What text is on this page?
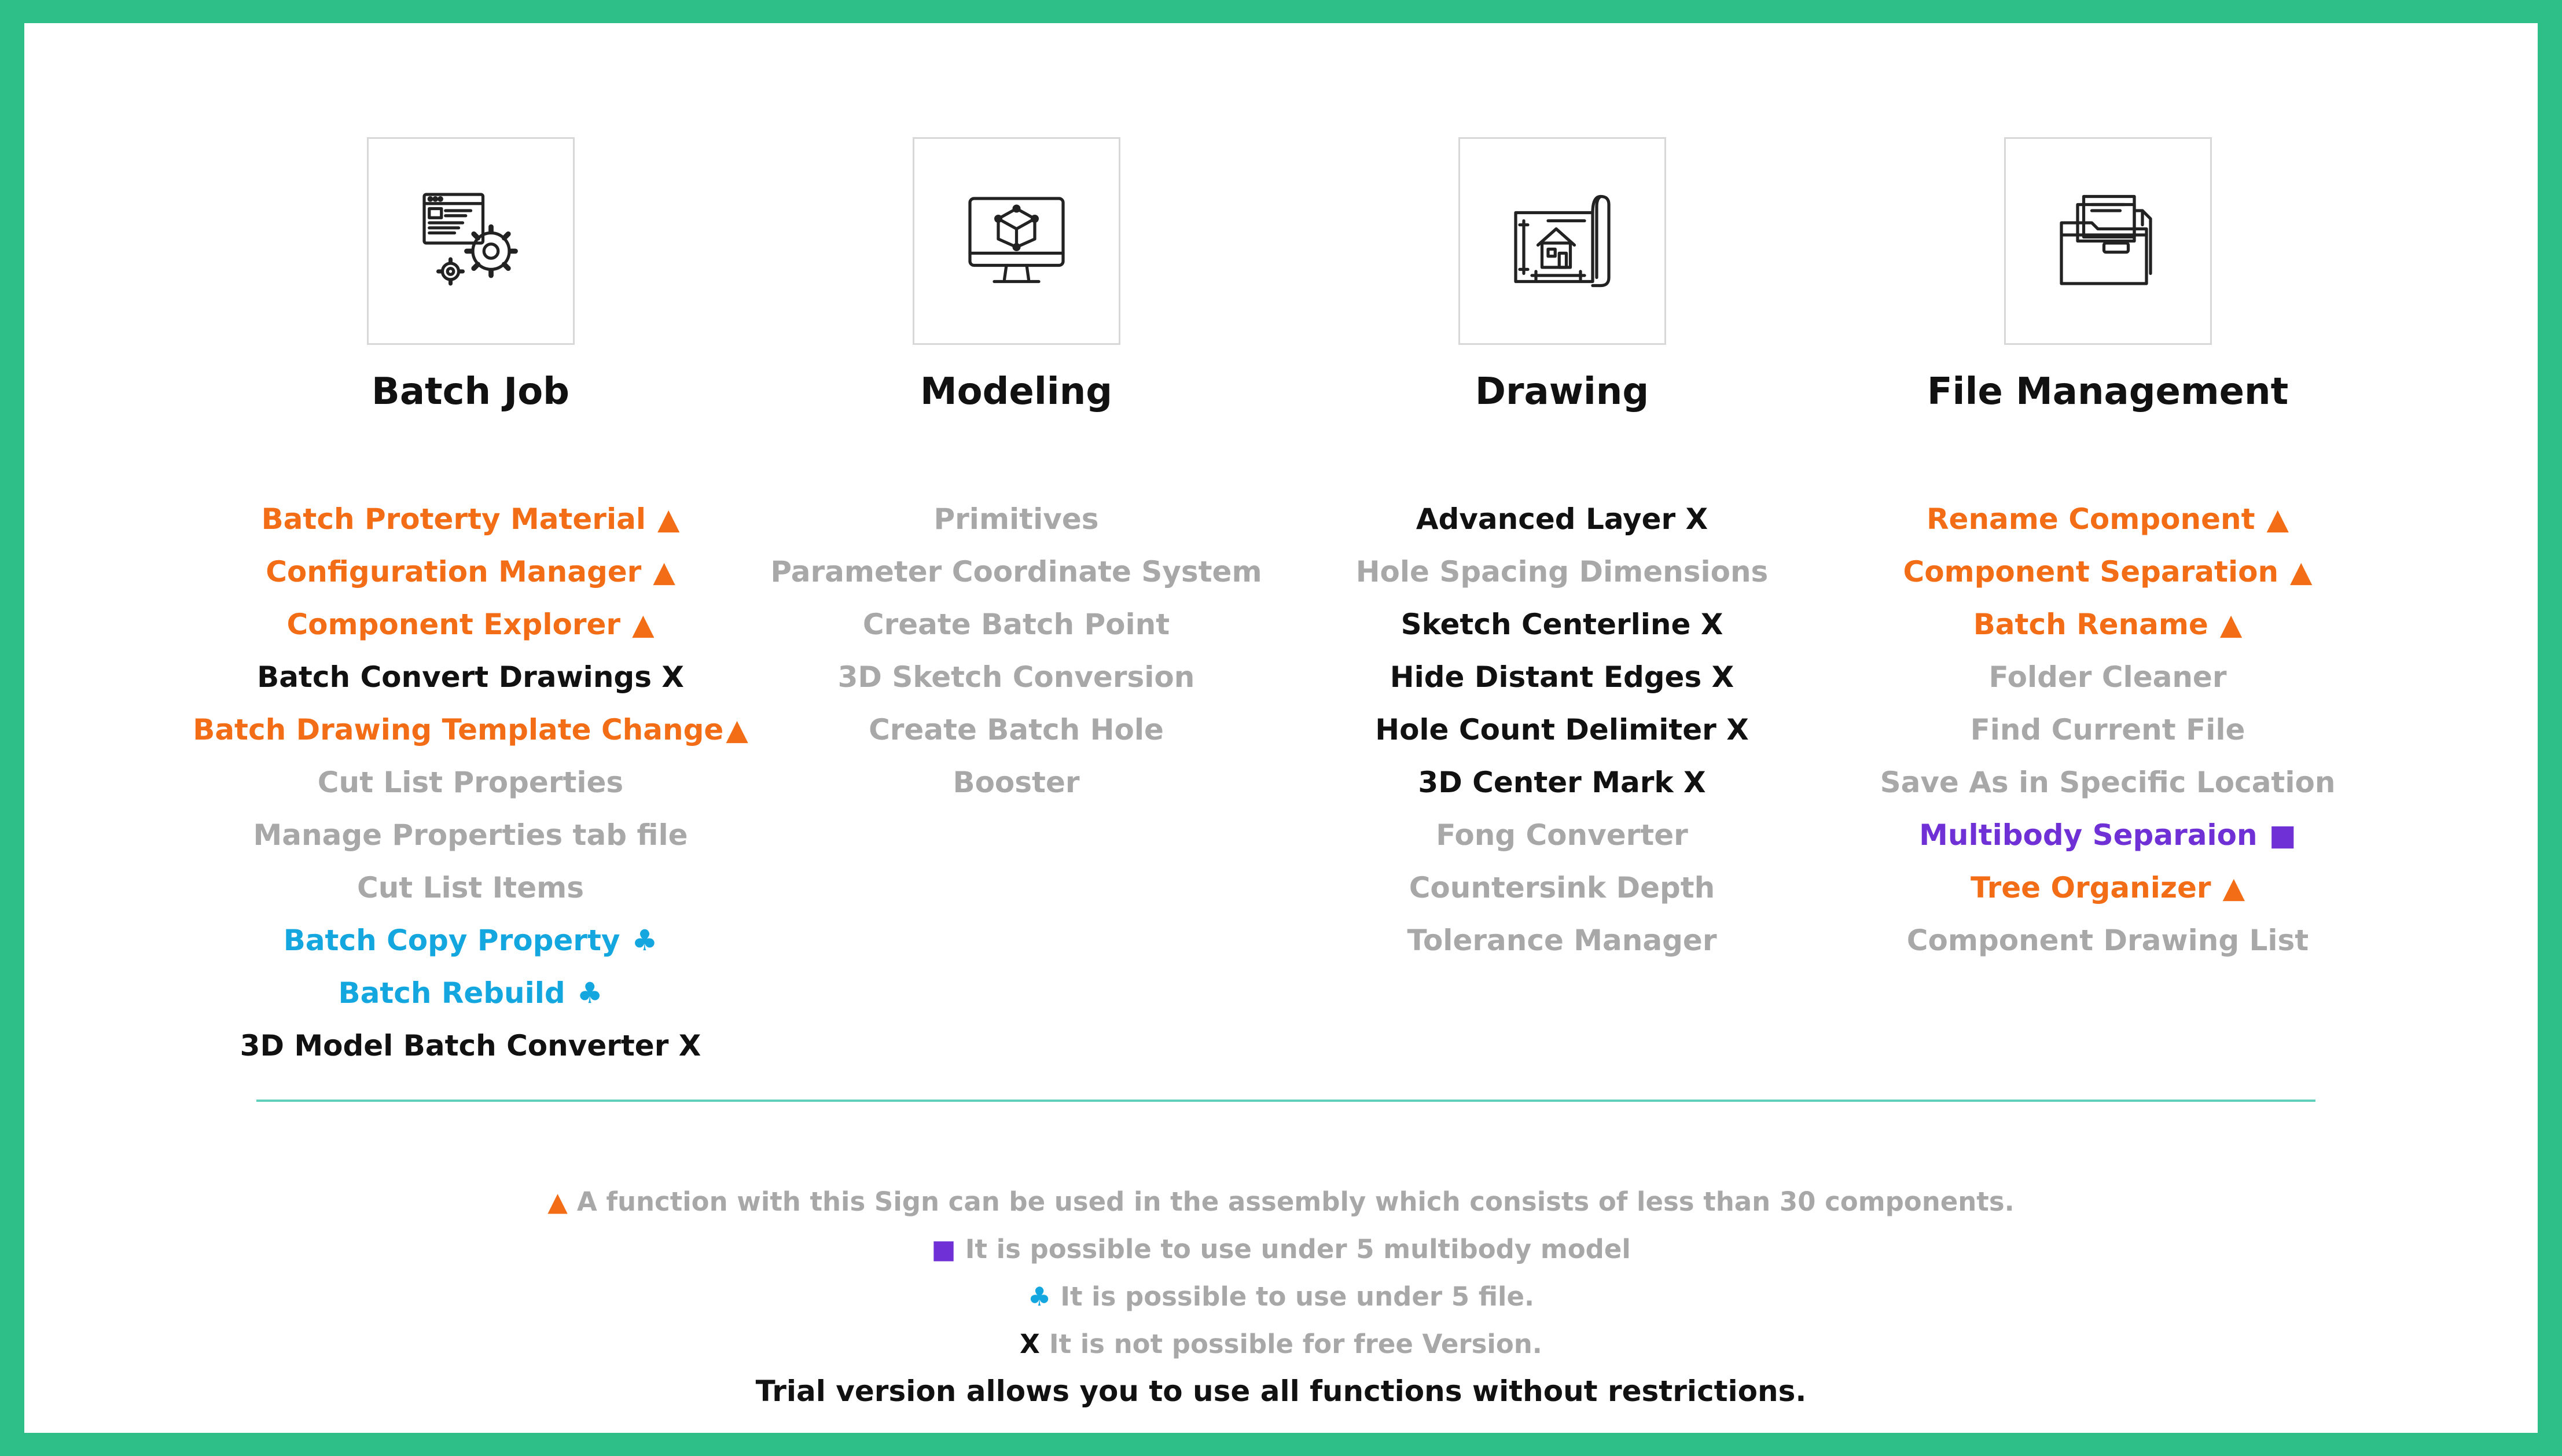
Batch Job
Batch Proterty Material ▲
Configuration Manager ▲
Component Explorer ▲
Batch Convert Drawings X
Batch Drawing Template Change▲
Cut List Properties
Manage Properties tab file
Cut List Items
Batch Copy Property ♣
Batch Rebuild ♣
3D Model Batch Converter X
Modeling
Primitives
Parameter Coordinate System
Create Batch Point
3D Sketch Conversion
Create Batch Hole
Booster
Drawing
Advanced Layer X
Hole Spacing Dimensions
Sketch Centerline X
Hide Distant Edges X
Hole Count Delimiter X
3D Center Mark X
Fong Converter
Countersink Depth
Tolerance Manager
File Management
Rename Component ▲
Component Separation ▲
Batch Rename ▲
Folder Cleaner
Find Current File
Save As in Specific Location
Multibody Separaion ■
Tree Organizer ▲
Component Drawing List
▲ A function with this Sign can be used in the assembly which consists of less than 30 components.
■ It is possible to use under 5 multibody model
♣ It is possible to use under 5 file.
X It is not possible for free Version.
Trial version allows you to use all functions without restrictions.
